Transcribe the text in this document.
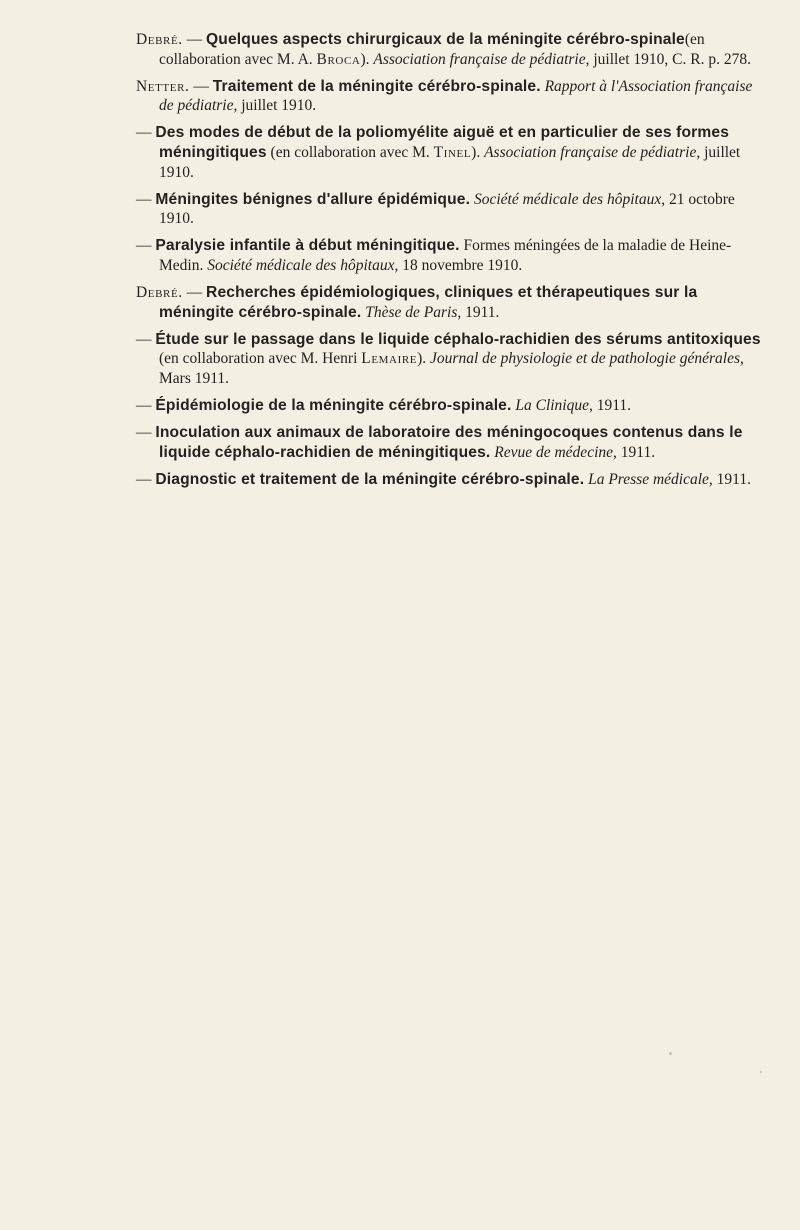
Debré. — Quelques aspects chirurgicaux de la méningite cérébro-spinale(en collaboration avec M. A. Broca). Association française de pédiatrie, juillet 1910, C. R. p. 278.

Netter. — Traitement de la méningite cérébro-spinale. Rapport à l'Association française de pédiatrie, juillet 1910.

— Des modes de début de la poliomyélite aiguë et en particulier de ses formes méningitiques (en collaboration avec M. Tinel). Association française de pédiatrie, juillet 1910.

— Méningites bénignes d'allure épidémique. Société médicale des hôpitaux, 21 octobre 1910.

— Paralysie infantile à début méningitique. Formes méningées de la maladie de Heine-Medin. Société médicale des hôpitaux, 18 novembre 1910.

Debré. — Recherches épidémiologiques, cliniques et thérapeutiques sur la méningite cérébro-spinale. Thèse de Paris, 1911.

— Étude sur le passage dans le liquide céphalo-rachidien des sérums antitoxiques (en collaboration avec M. Henri Lemaire). Journal de physiologie et de pathologie générales, Mars 1911.

— Épidémiologie de la méningite cérébro-spinale. La Clinique, 1911.

— Inoculation aux animaux de laboratoire des méningocoques contenus dans le liquide céphalo-rachidien de méningitiques. Revue de médecine, 1911.

— Diagnostic et traitement de la méningite cérébro-spinale. La Presse médicale, 1911.
